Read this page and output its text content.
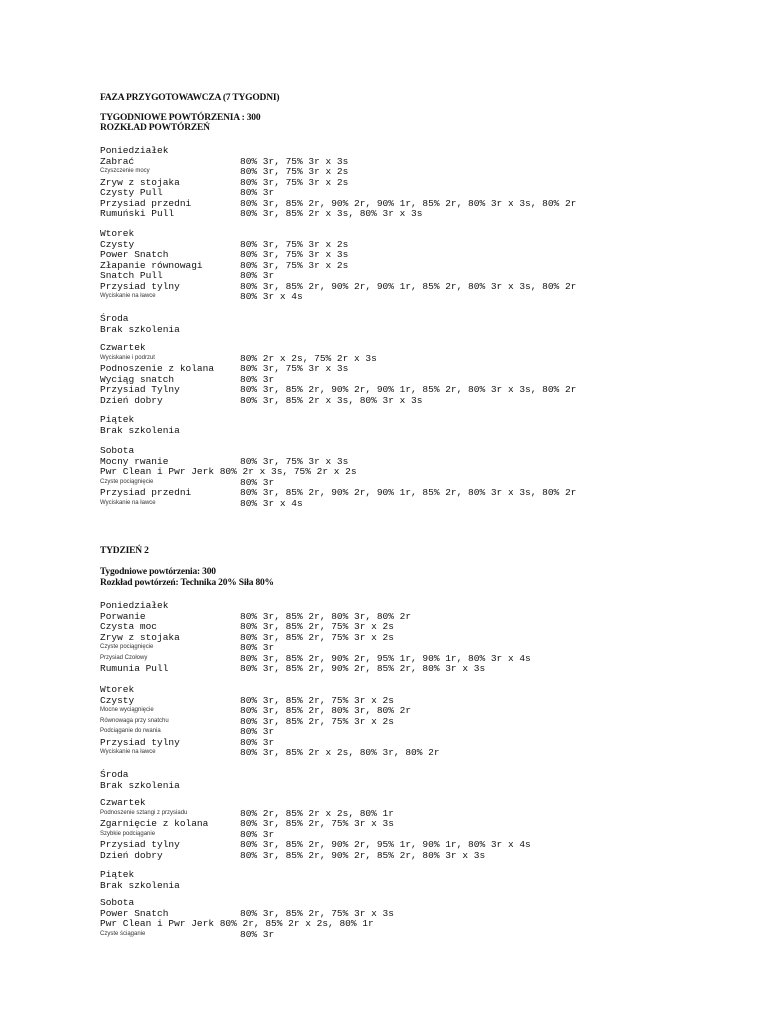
FAZA PRZYGOTOWAWCZA (7 TYGODNI)
TYGODNIOWE POWTÓRZENIA : 300
ROZKŁAD POWTÓRZEŃ
Poniedziałek
Zabrać	80% 3r, 75% 3r x 3s
Czyszczenie mocy	80% 3r, 75% 3r x 2s
Zryw z stojaka	80% 3r, 75% 3r x 2s
Czysty Pull	80% 3r
Przysiad przedni	80% 3r, 85% 2r, 90% 2r, 90% 1r, 85% 2r, 80% 3r x 3s, 80% 2r
Rumuński Pull	80% 3r, 85% 2r x 3s, 80% 3r x 3s
Wtorek
Czysty	80% 3r, 75% 3r x 2s
Power Snatch	80% 3r, 75% 3r x 3s
Złapanie równowagi	80% 3r, 75% 3r x 2s
Snatch Pull	80% 3r
Przysiad tylny	80% 3r, 85% 2r, 90% 2r, 90% 1r, 85% 2r, 80% 3r x 3s, 80% 2r
Wyciskanie na ławce	80% 3r x 4s
Środa
Brak szkolenia
Czwartek
Wyciskanie i podrzut	80% 2r x 2s, 75% 2r x 3s
Podnoszenie z kolana	80% 3r, 75% 3r x 3s
Wyciąg snatch	80% 3r
Przysiad Tylny	80% 3r, 85% 2r, 90% 2r, 90% 1r, 85% 2r, 80% 3r x 3s, 80% 2r
Dzień dobry	80% 3r, 85% 2r x 3s, 80% 3r x 3s
Piątek
Brak szkolenia
Sobota
Mocny rwanie	80% 3r, 75% 3r x 3s
Pwr Clean i Pwr Jerk 80% 2r x 3s, 75% 2r x 2s
Czyste pociągnięcie	80% 3r
Przysiad przedni	80% 3r, 85% 2r, 90% 2r, 90% 1r, 85% 2r, 80% 3r x 3s, 80% 2r
Wyciskanie na ławce	80% 3r x 4s
TYDZIEŃ 2
Tygodniowe powtórzenia: 300
Rozkład powtórzeń: Technika 20% Siła 80%
Poniedziałek
Porwanie	80% 3r, 85% 2r, 80% 3r, 80% 2r
Czysta moc	80% 3r, 85% 2r, 75% 3r x 2s
Zryw z stojaka	80% 3r, 85% 2r, 75% 3r x 2s
Czyste pociągnięcie	80% 3r
Przysiad Czołowy	80% 3r, 85% 2r, 90% 2r, 95% 1r, 90% 1r, 80% 3r x 4s
Rumunia Pull	80% 3r, 85% 2r, 90% 2r, 85% 2r, 80% 3r x 3s
Wtorek
Czysty	80% 3r, 85% 2r, 75% 3r x 2s
Mocne wyciągnięcie	80% 3r, 85% 2r, 80% 3r, 80% 2r
Równowaga przy snatchu	80% 3r, 85% 2r, 75% 3r x 2s
Podciąganie do rwania	80% 3r
Przysiad tylny	80% 3r
Wyciskanie na ławce	80% 3r, 85% 2r x 2s, 80% 3r, 80% 2r
Środa
Brak szkolenia
Czwartek
Podnoszenie sztangi z przysiadu	80% 2r, 85% 2r x 2s, 80% 1r
Zgarnięcie z kolana	80% 3r, 85% 2r, 75% 3r x 3s
Szybkie podciąganie	80% 3r
Przysiad tylny	80% 3r, 85% 2r, 90% 2r, 95% 1r, 90% 1r, 80% 3r x 4s
Dzień dobry	80% 3r, 85% 2r, 90% 2r, 85% 2r, 80% 3r x 3s
Piątek
Brak szkolenia
Sobota
Power Snatch	80% 3r, 85% 2r, 75% 3r x 3s
Pwr Clean i Pwr Jerk 80% 2r, 85% 2r x 2s, 80% 1r
Czyste ściąganie	80% 3r
